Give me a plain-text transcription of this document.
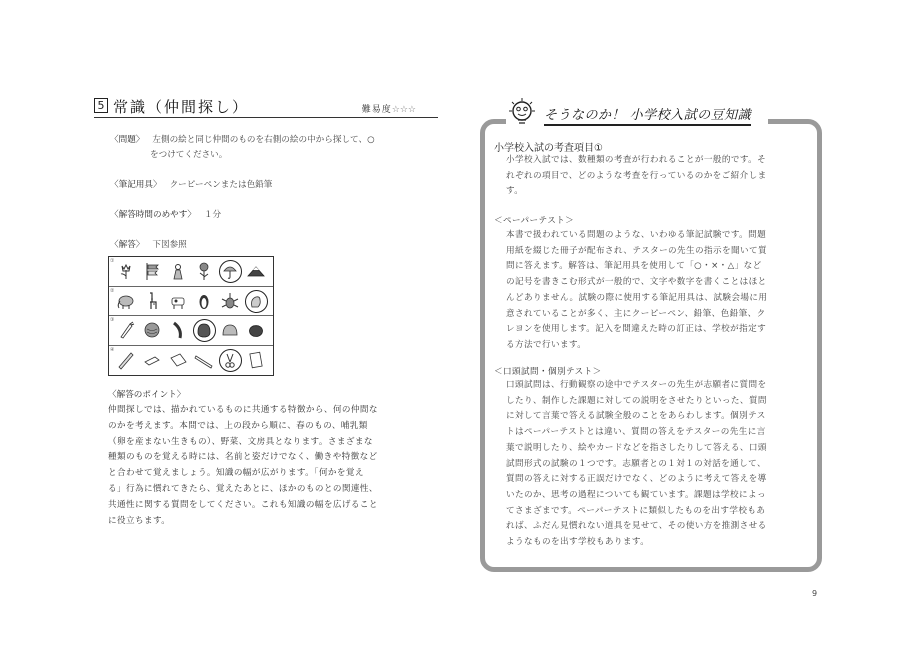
5 常識（仲間探し）	難易度☆☆☆
〈問題〉 左側の絵と同じ仲間のものを右側の絵の中から探して、○
をつけてください。
〈筆記用具〉 クーピーペンまたは色鉛筆
〈解答時間のめやす〉 １分
〈解答〉 下図参照
①
②
③
④
〈解答のポイント〉
仲間探しでは、描かれているものに共通する特徴から、何の仲間な
のかを考えます。本問では、上の段から順に、春のもの、哺乳類
（卵を産まない生きもの）、野菜、文房具となります。さまざまな
種類のものを覚える時には、名前と姿だけでなく、働きや特徴など
と合わせて覚えましょう。知識の幅が広がります。「何かを覚え
る」行為に慣れてきたら、覚えたあとに、ほかのものとの関連性、
共通性に関する質問をしてください。これも知識の幅を広げること
に役立ちます。
そうなのか！ 小学校入試の豆知識
小学校入試の考査項目①
小学校入試では、数種類の考査が行われることが一般的です。そ
れぞれの項目で、どのような考査を行っているのかをご紹介しま
す。
＜ペーパーテスト＞
本書で扱われている問題のような、いわゆる筆記試験です。問題
用紙を綴じた冊子が配布され、テスターの先生の指示を聞いて質
問に答えます。解答は、筆記用具を使用して「○・×・△」など
の記号を書きこむ形式が一般的で、文字や数字を書くことはほと
んどありません。試験の際に使用する筆記用具は、試験会場に用
意されていることが多く、主にクーピーペン、鉛筆、色鉛筆、ク
レヨンを使用します。記入を間違えた時の訂正は、学校が指定す
る方法で行います。
＜口頭試問・個別テスト＞
口頭試問は、行動観察の途中でテスターの先生が志願者に質問を
したり、制作した課題に対しての説明をさせたりといった、質問
に対して言葉で答える試験全般のことをあらわします。個別テス
トはペーパーテストとは違い、質問の答えをテスターの先生に言
葉で説明したり、絵やカードなどを指さしたりして答える、口頭
試問形式の試験の１つです。志願者との１対１の対話を通して、
質問の答えに対する正誤だけでなく、どのように考えて答えを導
いたのか、思考の過程についても観ています。課題は学校によっ
てさまざまです。ペーパーテストに類似したものを出す学校もあ
れば、ふだん見慣れない道具を見せて、その使い方を推測させる
ようなものを出す学校もあります。
9
